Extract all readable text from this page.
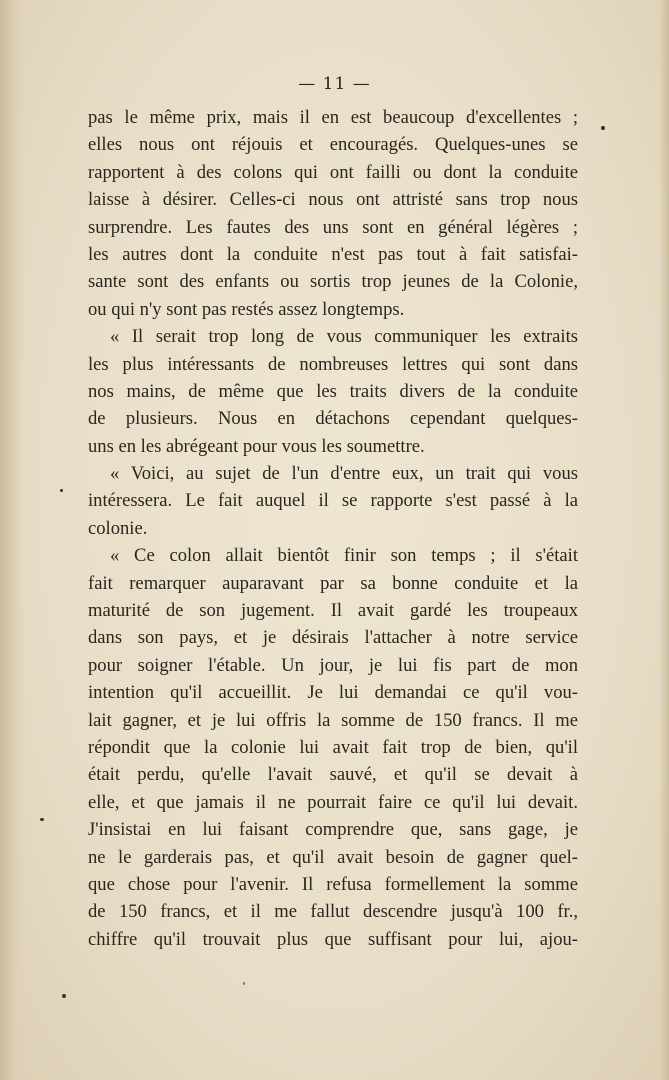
— 11 —
pas le même prix, mais il en est beaucoup d'excellentes ;
elles nous ont réjouis et encouragés. Quelques-unes se
rapportent à des colons qui ont failli ou dont la conduite
laisse à désirer. Celles-ci nous ont attristé sans trop nous
surprendre. Les fautes des uns sont en général légères ;
les autres dont la conduite n'est pas tout à fait satisfai-
sante sont des enfants ou sortis trop jeunes de la Colonie,
ou qui n'y sont pas restés assez longtemps.
« Il serait trop long de vous communiquer les extraits
les plus intéressants de nombreuses lettres qui sont dans
nos mains, de même que les traits divers de la conduite
de plusieurs. Nous en détachons cependant quelques-
uns en les abrégeant pour vous les soumettre.
« Voici, au sujet de l'un d'entre eux, un trait qui vous
intéressera. Le fait auquel il se rapporte s'est passé à la
colonie.
« Ce colon allait bientôt finir son temps ; il s'était
fait remarquer auparavant par sa bonne conduite et la
maturité de son jugement. Il avait gardé les troupeaux
dans son pays, et je désirais l'attacher à notre service
pour soigner l'étable. Un jour, je lui fis part de mon
intention qu'il accueillit. Je lui demandai ce qu'il vou-
lait gagner, et je lui offris la somme de 150 francs. Il me
répondit que la colonie lui avait fait trop de bien, qu'il
était perdu, qu'elle l'avait sauvé, et qu'il se devait à
elle, et que jamais il ne pourrait faire ce qu'il lui devait.
J'insistai en lui faisant comprendre que, sans gage, je
ne le garderais pas, et qu'il avait besoin de gagner quel-
que chose pour l'avenir. Il refusa formellement la somme
de 150 francs, et il me fallut descendre jusqu'à 100 fr.,
chiffre qu'il trouvait plus que suffisant pour lui, ajou-
